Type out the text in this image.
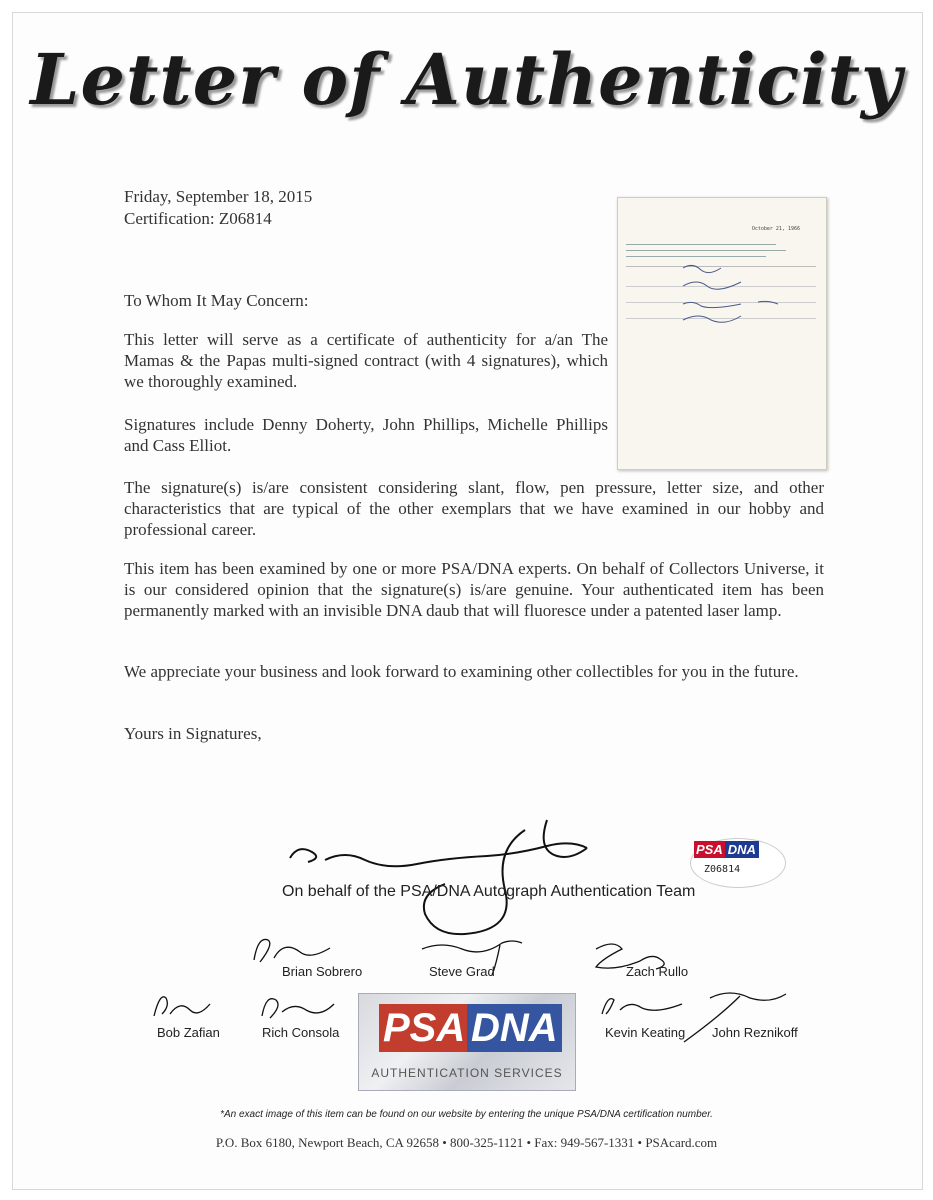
Letter of Authenticity
Friday, September 18, 2015
Certification: Z06814
October 21, 1966
To Whom It May Concern:
This letter will serve as a certificate of authenticity for a/an The Mamas & the Papas multi-signed contract (with 4 signatures), which we thoroughly examined.
Signatures include Denny Doherty, John Phillips, Michelle Phillips and Cass Elliot.
The signature(s) is/are consistent considering slant, flow, pen pressure, letter size, and other characteristics that are typical of the other exemplars that we have examined in our hobby and professional career.
This item has been examined by one or more PSA/DNA experts. On behalf of Collectors Universe, it is our considered opinion that the signature(s) is/are genuine. Your authenticated item has been permanently marked with an invisible DNA daub that will fluoresce under a patented laser lamp.
We appreciate your business and look forward to examining other collectibles for you in the future.
Yours in Signatures,
On behalf of the PSA/DNA Autograph Authentication Team
PSA DNA
Z06814
Brian Sobrero	Steve Grad	Zach Rullo
Bob Zafian	Rich Consola	Kevin Keating John Reznikoff
PSA DNA
AUTHENTICATION SERVICES
*An exact image of this item can be found on our website by entering the unique PSA/DNA certification number.
P.O. Box 6180, Newport Beach, CA 92658 • 800-325-1121 • Fax: 949-567-1331 • PSAcard.com
